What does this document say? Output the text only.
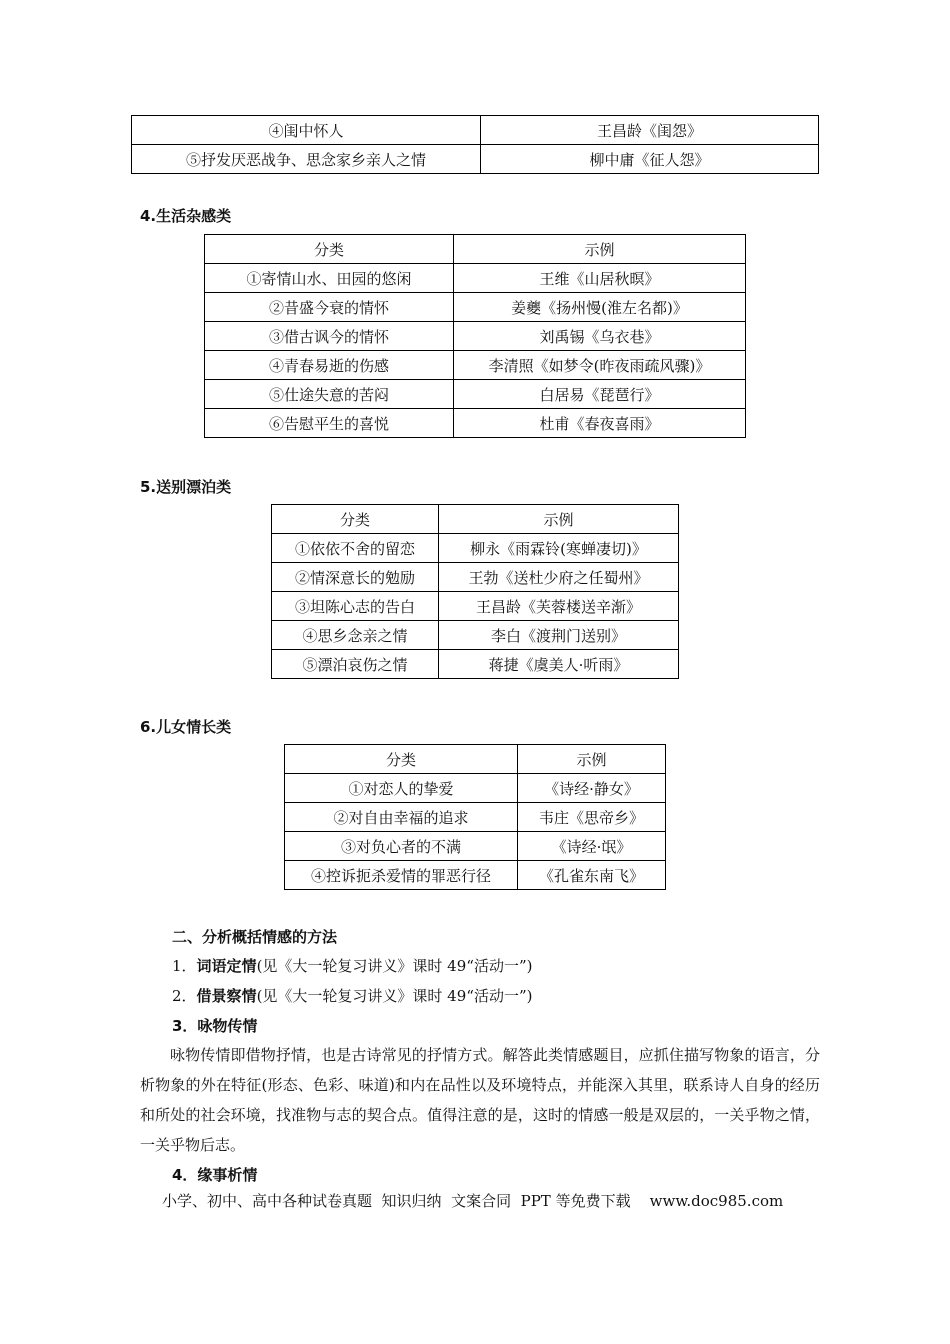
④闺中怀人	王昌龄《闺怨》
⑤抒发厌恶战争、思念家乡亲人之情	柳中庸《征人怨》
4.生活杂感类
分类	示例
①寄情山水、田园的悠闲	王维《山居秋暝》
②昔盛今衰的情怀	姜夔《扬州慢(淮左名都)》
③借古讽今的情怀	刘禹锡《乌衣巷》
④青春易逝的伤感	李清照《如梦令(昨夜雨疏风骤)》
⑤仕途失意的苦闷	白居易《琵琶行》
⑥告慰平生的喜悦	杜甫《春夜喜雨》
5.送别漂泊类
分类	示例
①依依不舍的留恋	柳永《雨霖铃(寒蝉凄切)》
②情深意长的勉励	王勃《送杜少府之任蜀州》
③坦陈心志的告白	王昌龄《芙蓉楼送辛渐》
④思乡念亲之情	李白《渡荆门送别》
⑤漂泊哀伤之情	蒋捷《虞美人·听雨》
6.儿女情长类
分类	示例
①对恋人的挚爱	《诗经·静女》
②对自由幸福的追求	韦庄《思帝乡》
③对负心者的不满	《诗经·氓》
④控诉扼杀爱情的罪恶行径	《孔雀东南飞》
二、分析概括情感的方法
1．词语定情(见《大一轮复习讲义》课时 49“活动一”)
2．借景察情(见《大一轮复习讲义》课时 49“活动一”)
3．咏物传情
咏物传情即借物抒情，也是古诗常见的抒情方式。解答此类情感题目，应抓住描写物象的语言，分析物象的外在特征(形态、色彩、味道)和内在品性以及环境特点，并能深入其里，联系诗人自身的经历和所处的社会环境，找准物与志的契合点。值得注意的是，这时的情感一般是双层的，一关乎物之情，一关乎物后志。
4．缘事析情
小学、初中、高中各种试卷真题  知识归纳  文案合同  PPT 等免费下载    www.doc985.com
